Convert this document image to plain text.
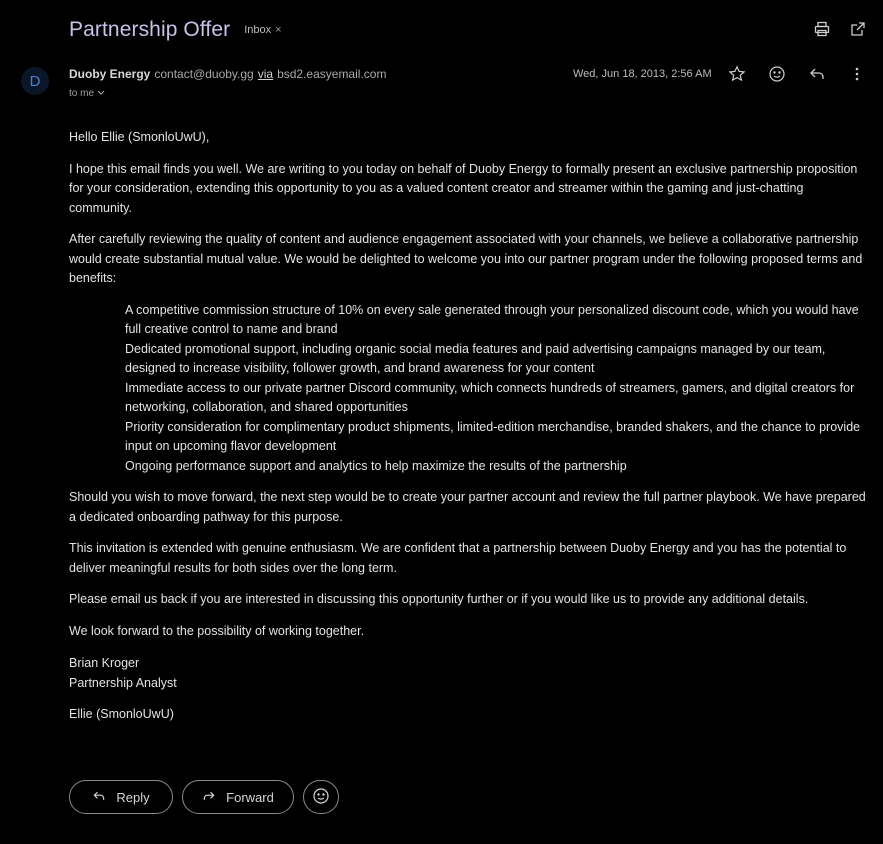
Partnership Offer Inbox ×
D	Duoby Energy contact@duoby.gg via bsd2.easyemail.com
to me
Wed, Jun 18, 2013, 2:56 AM

Hello Ellie (SmonloUwU),

I hope this email finds you well. We are writing to you today on behalf of Duoby Energy to formally present an exclusive partnership proposition for your consideration, extending this opportunity to you as a valued content creator and streamer within the gaming and just-chatting community.

After carefully reviewing the quality of content and audience engagement associated with your channels, we believe a collaborative partnership would create substantial mutual value. We would be delighted to welcome you into our partner program under the following proposed terms and benefits:

A competitive commission structure of 10% on every sale generated through your personalized discount code, which you would have full creative control to name and brand
Dedicated promotional support, including organic social media features and paid advertising campaigns managed by our team, designed to increase visibility, follower growth, and brand awareness for your content
Immediate access to our private partner Discord community, which connects hundreds of streamers, gamers, and digital creators for networking, collaboration, and shared opportunities
Priority consideration for complimentary product shipments, limited-edition merchandise, branded shakers, and the chance to provide input on upcoming flavor development
Ongoing performance support and analytics to help maximize the results of the partnership

Should you wish to move forward, the next step would be to create your partner account and review the full partner playbook. We have prepared a dedicated onboarding pathway for this purpose.

This invitation is extended with genuine enthusiasm. We are confident that a partnership between Duoby Energy and you has the potential to deliver meaningful results for both sides over the long term.

Please email us back if you are interested in discussing this opportunity further or if you would like us to provide any additional details.

We look forward to the possibility of working together.

Brian Kroger
Partnership Analyst

Ellie (SmonloUwU)

Reply	Forward
